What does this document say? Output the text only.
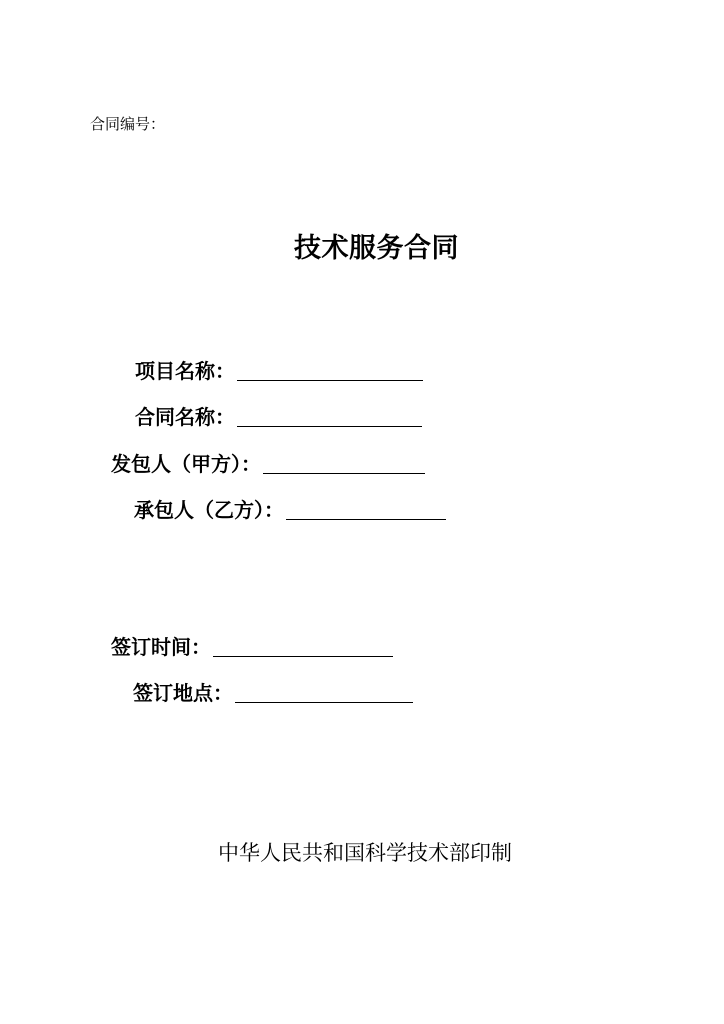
合同编号：
技术服务合同
项目名称：
合同名称：
发包人（甲方）：
承包人（乙方）：
签订时间：
签订地点：
中华人民共和国科学技术部印制
